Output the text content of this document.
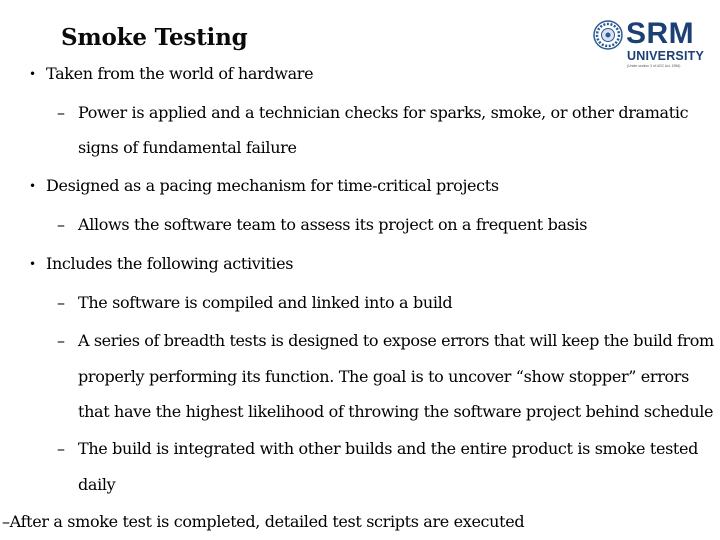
Smoke Testing	SRM
UNIVERSITY
(Under section 3 of UGC Act, 1956)
• Taken from the world of hardware
– Power is applied and a technician checks for sparks, smoke, or other dramatic
signs of fundamental failure
• Designed as a pacing mechanism for time-critical projects
– Allows the software team to assess its project on a frequent basis
• Includes the following activities
– The software is compiled and linked into a build
– A series of breadth tests is designed to expose errors that will keep the build from
properly performing its function. The goal is to uncover “show stopper” errors
that have the highest likelihood of throwing the software project behind schedule
– The build is integrated with other builds and the entire product is smoke tested
daily
–After a smoke test is completed, detailed test scripts are executed
